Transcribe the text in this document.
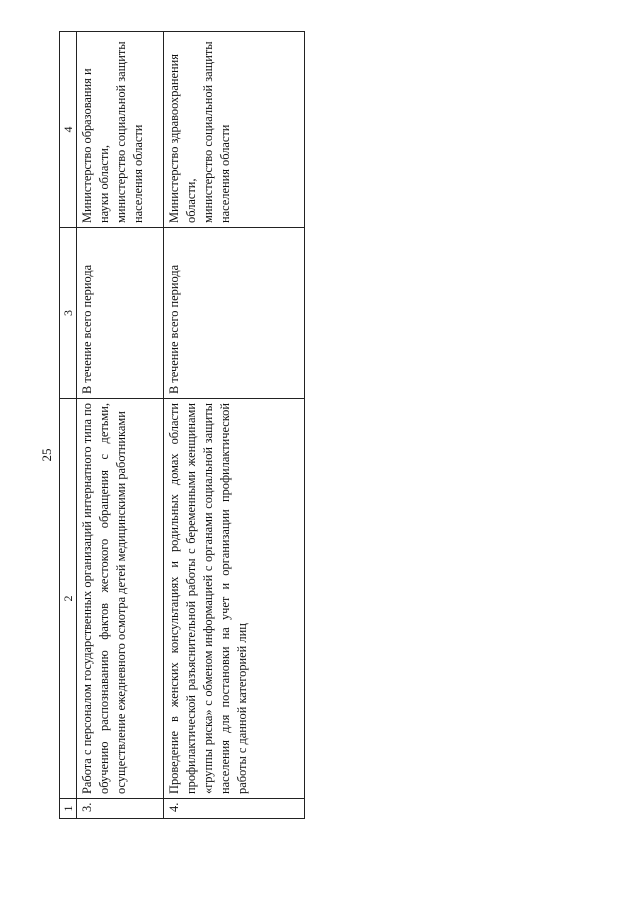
25
1	2	3	4
3.	Работа с персоналом государственных организаций интернатного типа по обучению распознаванию фактов жестокого обращения с детьми, осуществление ежедневного осмотра детей медицинскими работниками	В течение всего периода	Министерство образования и науки области, министерство социальной защиты населения области

4.	Проведение в женских консультациях и родильных домах области профилактической разъяснительной работы с беременными женщинами «группы риска» с обменом информацией с органами социальной защиты населения для постановки на учет и организации профилактической работы с данной категорией лиц	В течение всего периода	Министерство здравоохранения области, министерство социальной защиты населения области
